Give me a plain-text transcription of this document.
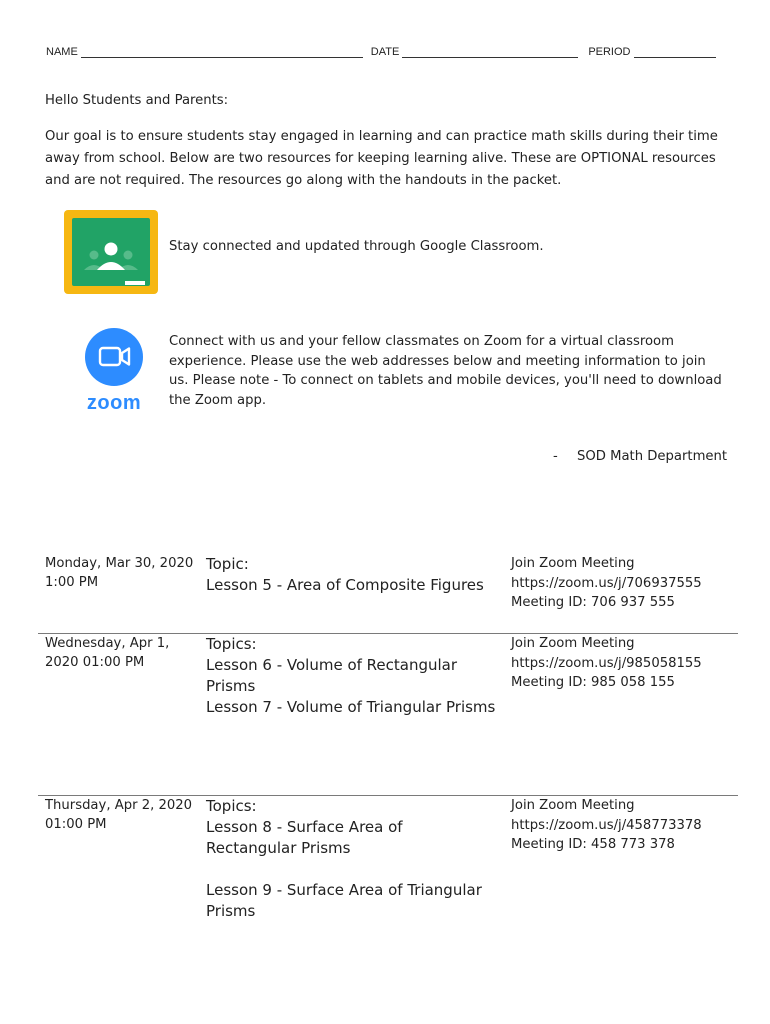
NAME	DATE	PERIOD
Hello Students and Parents:
Our goal is to ensure students stay engaged in learning and can practice math skills during their time away from school. Below are two resources for keeping learning alive. These are OPTIONAL resources and are not required. The resources go along with the handouts in the packet.
Stay connected and updated through Google Classroom.
zoom
Connect with us and your fellow classmates on Zoom for a virtual classroom experience. Please use the web addresses below and meeting information to join us. Please note - To connect on tablets and mobile devices, you'll need to download the Zoom app.
- SOD Math Department
Monday, Mar 30, 2020 1:00 PM
Topic:
Lesson 5 - Area of Composite Figures
Join Zoom Meeting
https://zoom.us/j/706937555
Meeting ID: 706 937 555
Wednesday, Apr 1, 2020 01:00 PM
Topics:
Lesson 6 - Volume of Rectangular Prisms
Lesson 7 - Volume of Triangular Prisms
Join Zoom Meeting
https://zoom.us/j/985058155
Meeting ID: 985 058 155
Thursday, Apr 2, 2020 01:00 PM
Topics:
Lesson 8 - Surface Area of Rectangular Prisms
Lesson 9 - Surface Area of Triangular Prisms
Join Zoom Meeting
https://zoom.us/j/458773378
Meeting ID: 458 773 378
